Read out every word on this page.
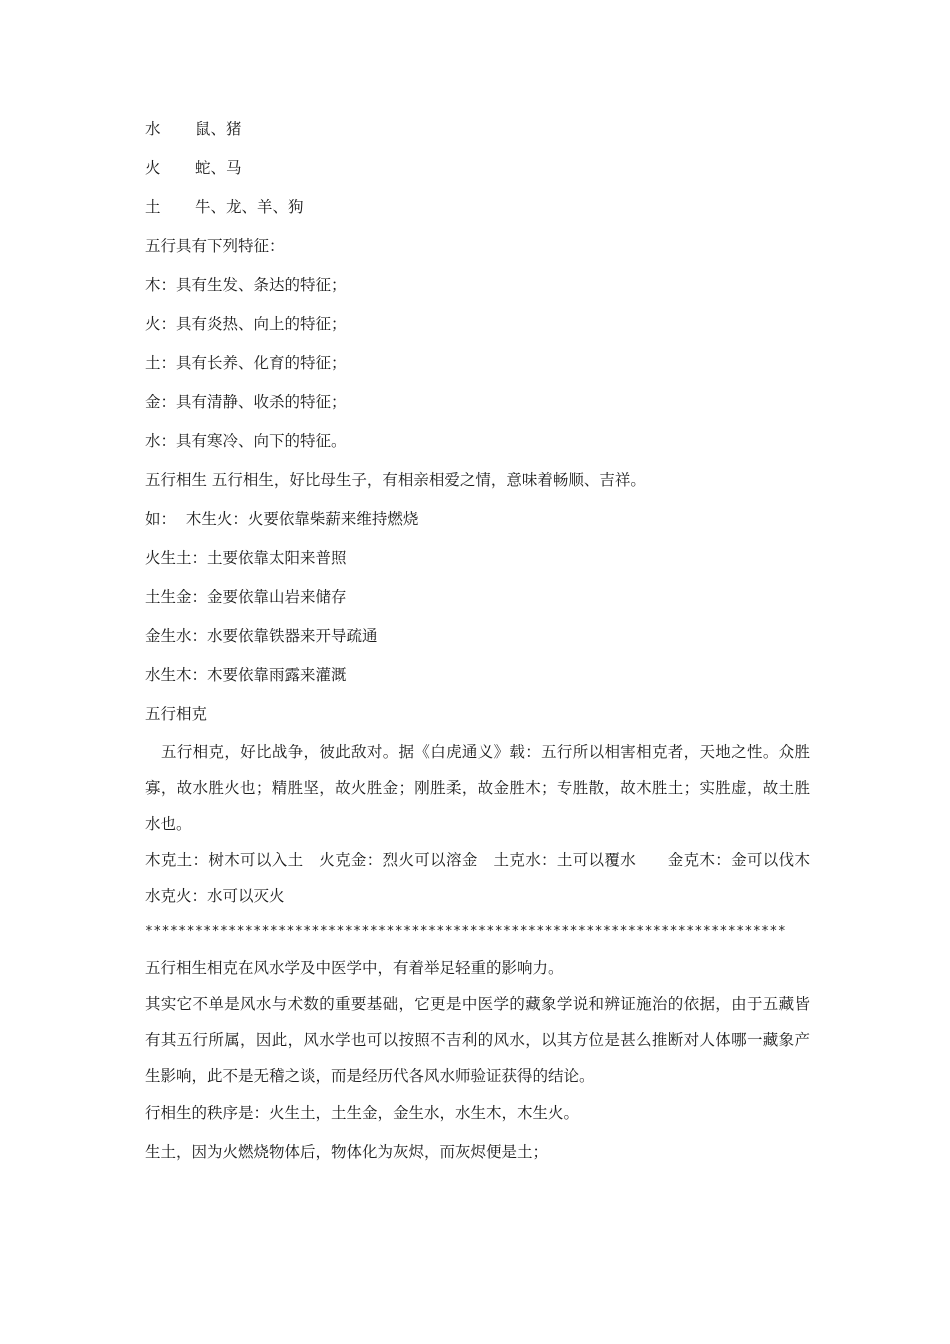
水	鼠、猪
火	蛇、马
土	牛、龙、羊、狗

五行具有下列特征：

木：具有生发、条达的特征；

火：具有炎热、向上的特征；

土：具有长养、化育的特征；

金：具有清静、收杀的特征；

水：具有寒冷、向下的特征。

五行相生 五行相生，好比母生子，有相亲相爱之情，意味着畅顺、吉祥。

如：  木生火：火要依靠柴薪来维持燃烧

火生土：土要依靠太阳来普照

土生金：金要依靠山岩来储存

金生水：水要依靠铁器来开导疏通

水生木：木要依靠雨露来灌溉

五行相克

五行相克，好比战争，彼此敌对。据《白虎通义》载：五行所以相害相克者，天地之性。众胜寡，故水胜火也；精胜坚，故火胜金；刚胜柔，故金胜木；专胜散，故木胜土；实胜虚，故土胜水也。

木克土：树木可以入土　火克金：烈火可以溶金　土克水：土可以覆水　　金克木：金可以伐木　水克火：水可以灭火

*****************************************************************************

五行相生相克在风水学及中医学中，有着举足轻重的影响力。

其实它不单是风水与术数的重要基础，它更是中医学的藏象学说和辨证施治的依据，由于五藏皆有其五行所属，因此，风水学也可以按照不吉利的风水，以其方位是甚么推断对人体哪一藏象产生影响，此不是无稽之谈，而是经历代各风水师验证获得的结论。

行相生的秩序是：火生土，土生金，金生水，水生木，木生火。

生土，因为火燃烧物体后，物体化为灰烬，而灰烬便是土；
